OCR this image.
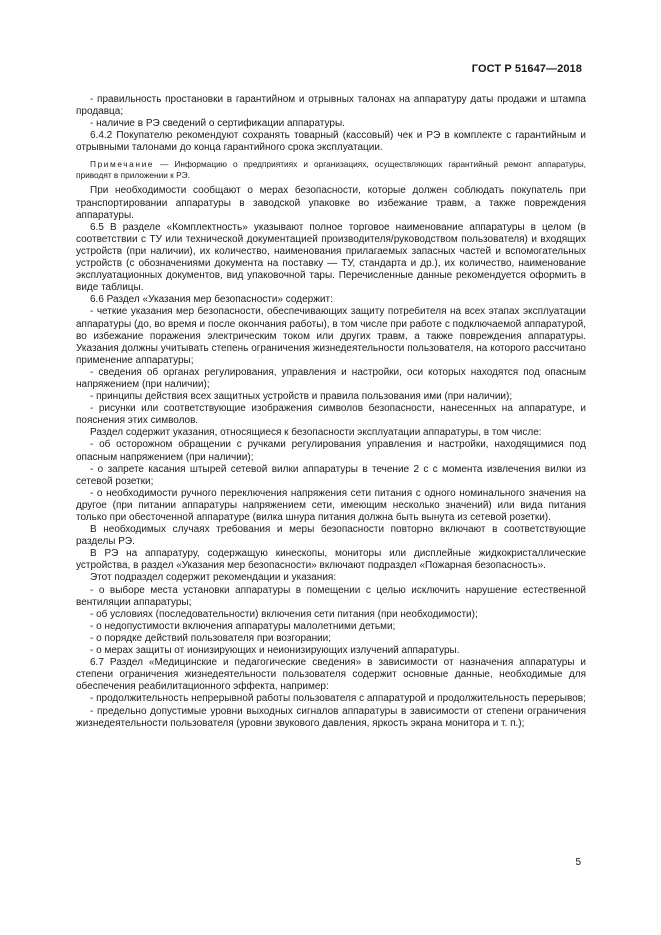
ГОСТ Р 51647—2018

- правильность простановки в гарантийном и отрывных талонах на аппаратуру даты продажи и штампа продавца;

- наличие в РЭ сведений о сертификации аппаратуры.

6.4.2 Покупателю рекомендуют сохранять товарный (кассовый) чек и РЭ в комплекте с гарантийным и отрывными талонами до конца гарантийного срока эксплуатации.

Примечание — Информацию о предприятиях и организациях, осуществляющих гарантийный ремонт аппаратуры, приводят в приложении к РЭ.

При необходимости сообщают о мерах безопасности, которые должен соблюдать покупатель при транспортировании аппаратуры в заводской упаковке во избежание травм, а также повреждения аппаратуры.

6.5 В разделе «Комплектность» указывают полное торговое наименование аппаратуры в целом (в соответствии с ТУ или технической документацией производителя/руководством пользователя) и входящих устройств (при наличии), их количество, наименования прилагаемых запасных частей и вспомогательных устройств (с обозначениями документа на поставку — ТУ, стандарта и др.), их количество, наименование эксплуатационных документов, вид упаковочной тары. Перечисленные данные рекомендуется оформить в виде таблицы.

6.6 Раздел «Указания мер безопасности» содержит:

- четкие указания мер безопасности, обеспечивающих защиту потребителя на всех этапах эксплуатации аппаратуры (до, во время и после окончания работы), в том числе при работе с подключаемой аппаратурой, во избежание поражения электрическим током или других травм, а также повреждения аппаратуры. Указания должны учитывать степень ограничения жизнедеятельности пользователя, на которого рассчитано применение аппаратуры;

- сведения об органах регулирования, управления и настройки, оси которых находятся под опасным напряжением (при наличии);

- принципы действия всех защитных устройств и правила пользования ими (при наличии);

- рисунки или соответствующие изображения символов безопасности, нанесенных на аппаратуре, и пояснения этих символов.

Раздел содержит указания, относящиеся к безопасности эксплуатации аппаратуры, в том числе:

- об осторожном обращении с ручками регулирования управления и настройки, находящимися под опасным напряжением (при наличии);

- о запрете касания штырей сетевой вилки аппаратуры в течение 2 с с момента извлечения вилки из сетевой розетки;

- о необходимости ручного переключения напряжения сети питания с одного номинального значения на другое (при питании аппаратуры напряжением сети, имеющим несколько значений) или вида питания только при обесточенной аппаратуре (вилка шнура питания должна быть вынута из сетевой розетки).

В необходимых случаях требования и меры безопасности повторно включают в соответствующие разделы РЭ.

В РЭ на аппаратуру, содержащую кинескопы, мониторы или дисплейные жидкокристаллические устройства, в раздел «Указания мер безопасности» включают подраздел «Пожарная безопасность».

Этот подраздел содержит рекомендации и указания:

- о выборе места установки аппаратуры в помещении с целью исключить нарушение естественной вентиляции аппаратуры;

- об условиях (последовательности) включения сети питания (при необходимости);

- о недопустимости включения аппаратуры малолетними детьми;

- о порядке действий пользователя при возгорании;

- о мерах защиты от ионизирующих и неионизирующих излучений аппаратуры.

6.7 Раздел «Медицинские и педагогические сведения» в зависимости от назначения аппаратуры и степени ограничения жизнедеятельности пользователя содержит основные данные, необходимые для обеспечения реабилитационного эффекта, например:

- продолжительность непрерывной работы пользователя с аппаратурой и продолжительность перерывов;

- предельно допустимые уровни выходных сигналов аппаратуры в зависимости от степени ограничения жизнедеятельности пользователя (уровни звукового давления, яркость экрана монитора и т. п.);

5
